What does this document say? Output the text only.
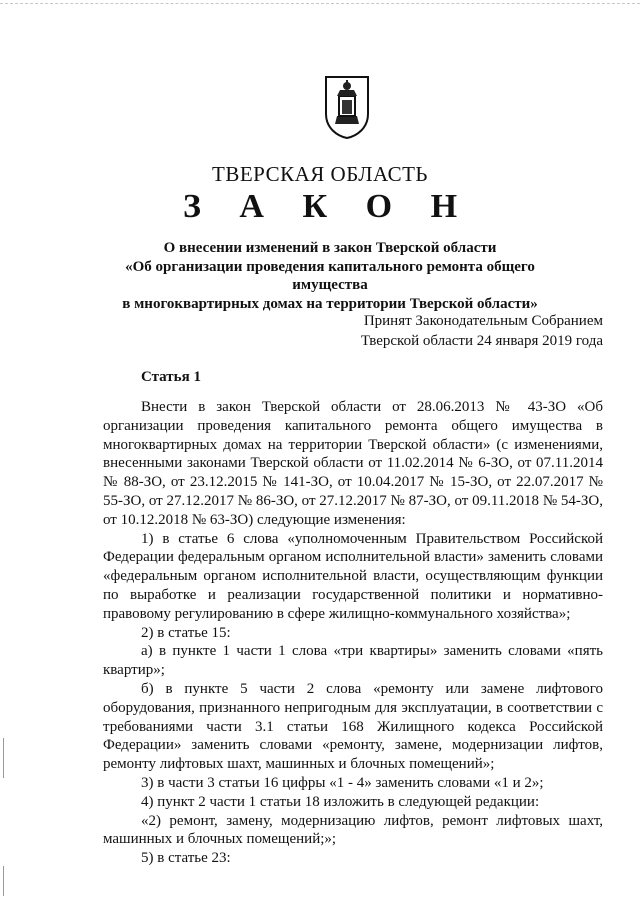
ТВЕРСКАЯ ОБЛАСТЬ
З А К О Н
О внесении изменений в закон Тверской области
«Об организации проведения капитального ремонта общего имущества
в многоквартирных домах на территории Тверской области»
Принят Законодательным Собранием
Тверской области 24 января 2019 года
Статья 1

Внести в закон Тверской области от 28.06.2013 № 43-ЗО «Об организации проведения капитального ремонта общего имущества в многоквартирных домах на территории Тверской области» (с изменениями, внесенными законами Тверской области от 11.02.2014 № 6-ЗО, от 07.11.2014 № 88-ЗО, от 23.12.2015 № 141-ЗО, от 10.04.2017 № 15-ЗО, от 22.07.2017 № 55-ЗО, от 27.12.2017 № 86-ЗО, от 27.12.2017 № 87-ЗО, от 09.11.2018 № 54-ЗО, от 10.12.2018 № 63-ЗО) следующие изменения:

1) в статье 6 слова «уполномоченным Правительством Российской Федерации федеральным органом исполнительной власти» заменить словами «федеральным органом исполнительной власти, осуществляющим функции по выработке и реализации государственной политики и нормативно-правовому регулированию в сфере жилищно-коммунального хозяйства»;

2) в статье 15:

а) в пункте 1 части 1 слова «три квартиры» заменить словами «пять квартир»;

б) в пункте 5 части 2 слова «ремонту или замене лифтового оборудования, признанного непригодным для эксплуатации, в соответствии с требованиями части 3.1 статьи 168 Жилищного кодекса Российской Федерации» заменить словами «ремонту, замене, модернизации лифтов, ремонту лифтовых шахт, машинных и блочных помещений»;

3) в части 3 статьи 16 цифры «1 - 4» заменить словами «1 и 2»;

4) пункт 2 части 1 статьи 18 изложить в следующей редакции:

«2) ремонт, замену, модернизацию лифтов, ремонт лифтовых шахт, машинных и блочных помещений;»;

5) в статье 23:
